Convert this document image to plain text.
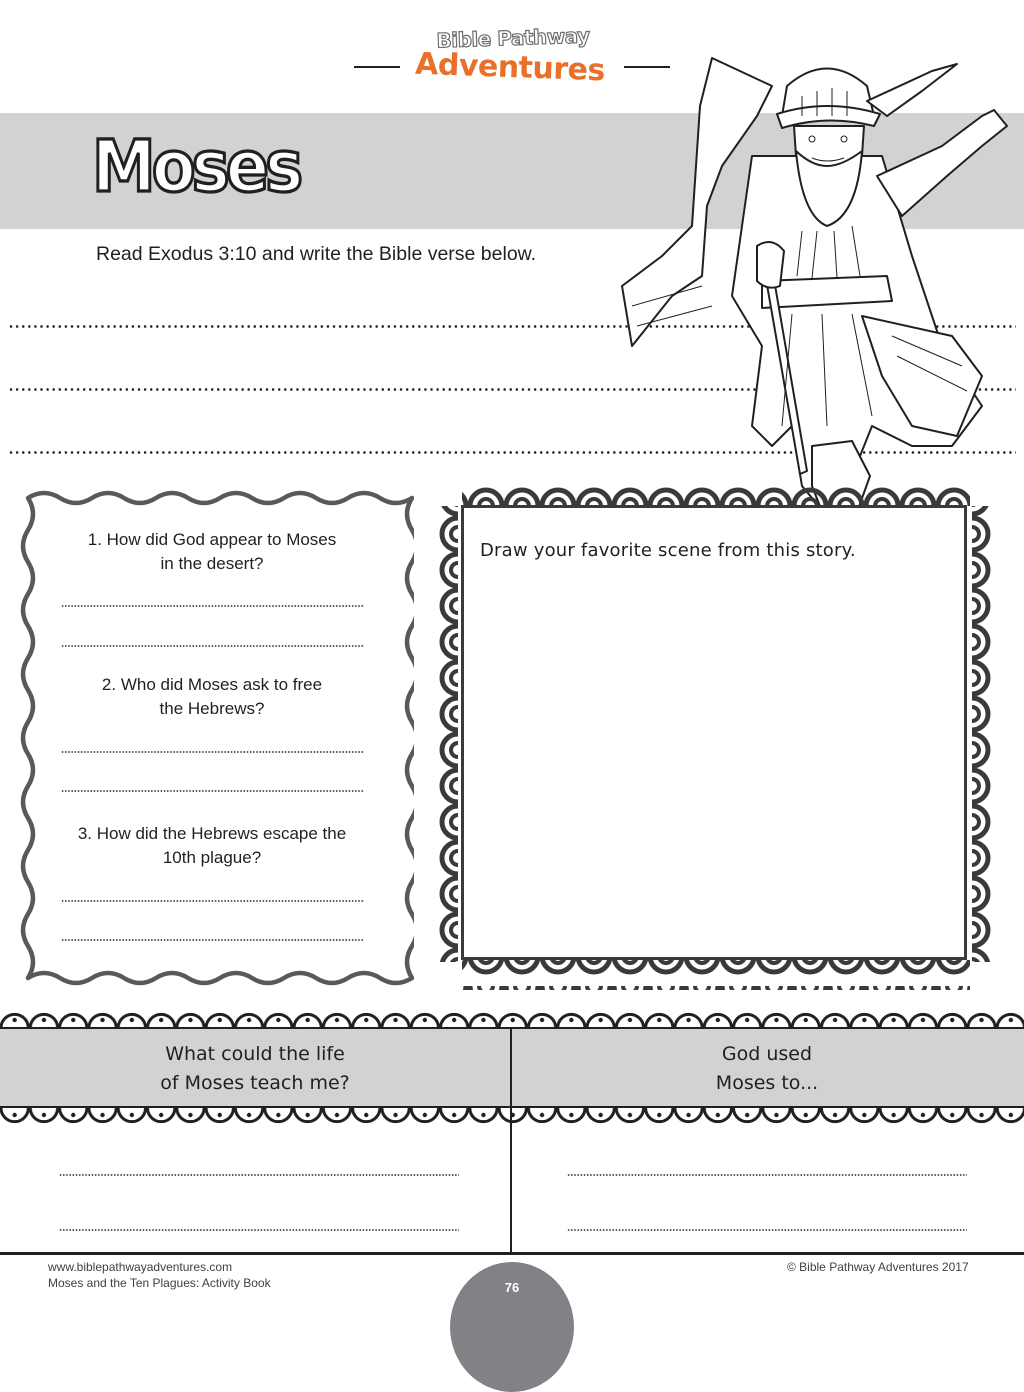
Bible Pathway
Adventures
Moses
Read Exodus 3:10 and write the Bible verse below.
1. How did God appear to Moses
in the desert?
2. Who did Moses ask to free
the Hebrews?
3. How did the Hebrews escape the
10th plague?
Draw your favorite scene from this story.
What could the life
of Moses teach me?
God used
Moses to...
www.biblepathwayadventures.com
Moses and the Ten Plagues: Activity Book
© Bible Pathway Adventures 2017
76
